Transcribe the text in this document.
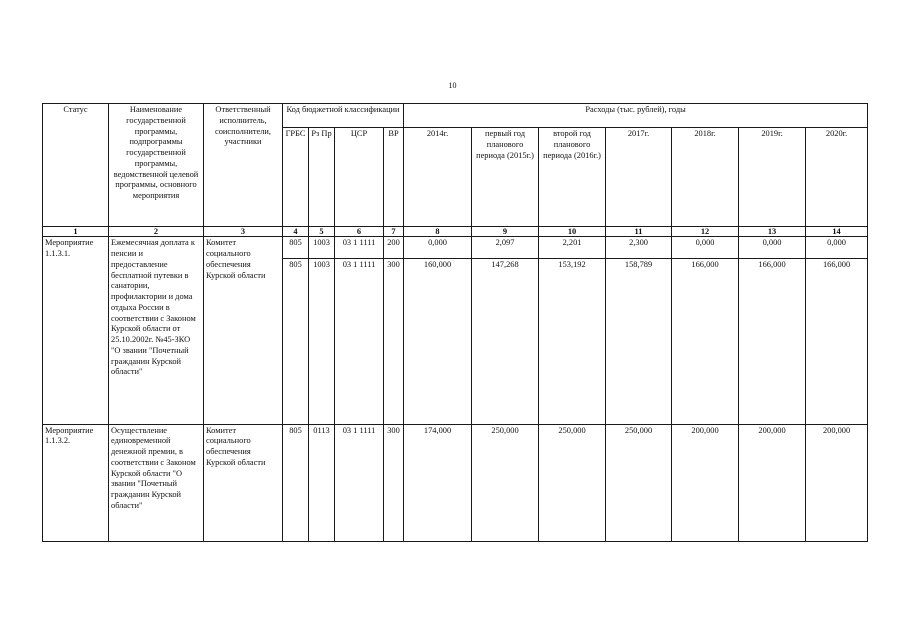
10
Статус	Наименование государственной программы, подпрограммы государственной программы, ведомственной целевой программы, основного мероприятия	Ответственный исполнитель, соисполнители, участники	Код бюджетной классификации				Расходы (тыс. рублей), годы						
			ГРБС	Рз Пр	ЦСР	ВР	2014г.	первый год планового периода (2015г.)	второй год планового периода (2016г.)	2017г.	2018г.	2019г.	2020г.
1	2	3	4	5	6	7	8	9	10	11	12	13	14
Мероприятие 1.1.3.1.	Ежемесячная доплата к пенсии и предоставление бесплатной путевки в санатории, профилактории и дома отдыха России в соответствии с Законом Курской области от 25.10.2002г. №45-ЗКО "О звании "Почетный гражданин Курской области"	Комитет социального обеспечения Курской области	805	1003	03 1 1111	200	0,000	2,097	2,201	2,300	0,000	0,000	0,000
			805	1003	03 1 1111	300	160,000	147,268	153,192	158,789	166,000	166,000	166,000
Мероприятие 1.1.3.2.	Осуществление единовременной денежной премии, в соответствии с Законом Курской области "О звании "Почетный гражданин Курской области"	Комитет социального обеспечения Курской области	805	0113	03 1 1111	300	174,000	250,000	250,000	250,000	200,000	200,000	200,000
